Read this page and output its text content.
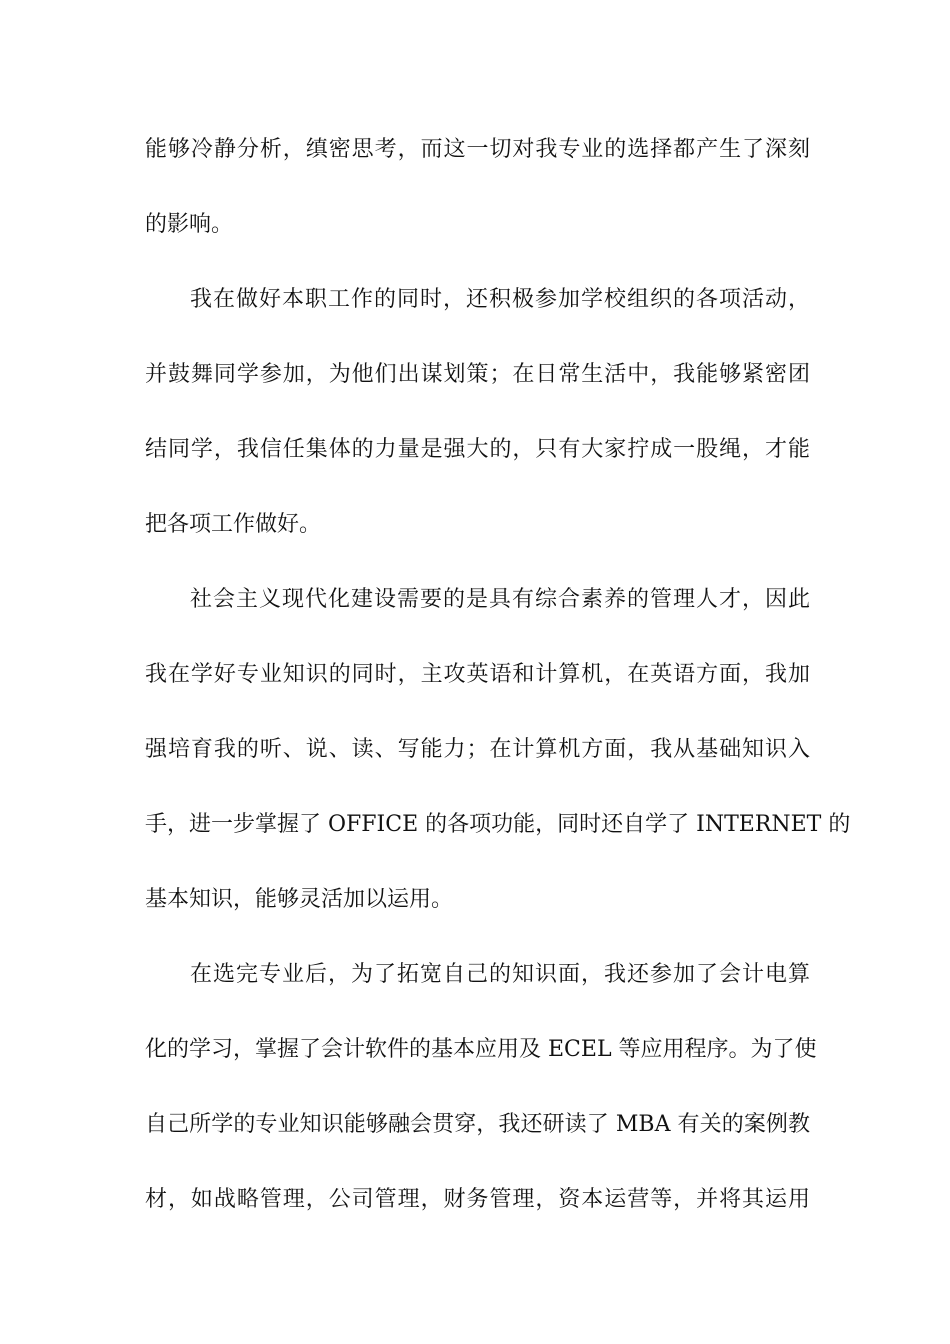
能够冷静分析，缜密思考，而这一切对我专业的选择都产生了深刻
的影响。
我在做好本职工作的同时，还积极参加学校组织的各项活动，
并鼓舞同学参加，为他们出谋划策；在日常生活中，我能够紧密团
结同学，我信任集体的力量是强大的，只有大家拧成一股绳，才能
把各项工作做好。
社会主义现代化建设需要的是具有综合素养的管理人才，因此
我在学好专业知识的同时，主攻英语和计算机，在英语方面，我加
强培育我的听、说、读、写能力；在计算机方面，我从基础知识入
手，进一步掌握了 OFFICE 的各项功能，同时还自学了 INTERNET 的
基本知识，能够灵活加以运用。
在选完专业后，为了拓宽自己的知识面，我还参加了会计电算
化的学习，掌握了会计软件的基本应用及 ECEL 等应用程序。为了使
自己所学的专业知识能够融会贯穿，我还研读了 MBA 有关的案例教
材，如战略管理，公司管理，财务管理，资本运营等，并将其运用
